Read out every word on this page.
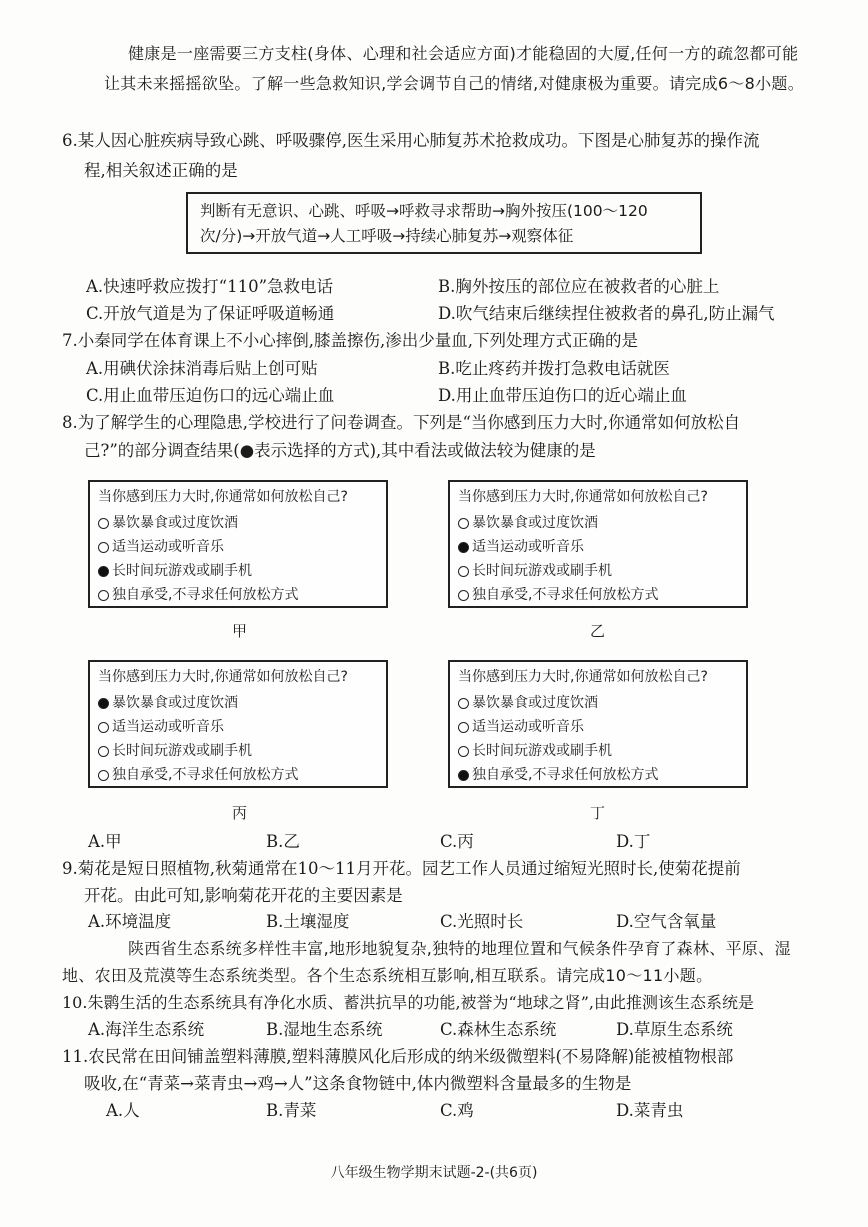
健康是一座需要三方支柱(身体、心理和社会适应方面)才能稳固的大厦,任何一方的疏忽都可能
让其未来摇摇欲坠。了解一些急救知识,学会调节自己的情绪,对健康极为重要。请完成6～8小题。
6.某人因心脏疾病导致心跳、呼吸骤停,医生采用心肺复苏术抢救成功。下图是心肺复苏的操作流
程,相关叙述正确的是
判断有无意识、心跳、呼吸→呼救寻求帮助→胸外按压(100～120
次/分)→开放气道→人工呼吸→持续心肺复苏→观察体征
A.快速呼救应拨打“110”急救电话	B.胸外按压的部位应在被救者的心脏上
C.开放气道是为了保证呼吸道畅通	D.吹气结束后继续捏住被救者的鼻孔,防止漏气
7.小秦同学在体育课上不小心摔倒,膝盖擦伤,渗出少量血,下列处理方式正确的是
A.用碘伏涂抹消毒后贴上创可贴	B.吃止疼药并拨打急救电话就医
C.用止血带压迫伤口的远心端止血	D.用止血带压迫伤口的近心端止血
8.为了解学生的心理隐患,学校进行了问卷调查。下列是“当你感到压力大时,你通常如何放松自
己?”的部分调查结果(●表示选择的方式),其中看法或做法较为健康的是
当你感到压力大时,你通常如何放松自己?
暴饮暴食或过度饮酒
适当运动或听音乐
长时间玩游戏或刷手机
独自承受,不寻求任何放松方式
甲
当你感到压力大时,你通常如何放松自己?
暴饮暴食或过度饮酒
适当运动或听音乐
长时间玩游戏或刷手机
独自承受,不寻求任何放松方式
乙
当你感到压力大时,你通常如何放松自己?
暴饮暴食或过度饮酒
适当运动或听音乐
长时间玩游戏或刷手机
独自承受,不寻求任何放松方式
丙
当你感到压力大时,你通常如何放松自己?
暴饮暴食或过度饮酒
适当运动或听音乐
长时间玩游戏或刷手机
独自承受,不寻求任何放松方式
丁
A.甲	B.乙	C.丙	D.丁
9.菊花是短日照植物,秋菊通常在10～11月开花。园艺工作人员通过缩短光照时长,使菊花提前
开花。由此可知,影响菊花开花的主要因素是
A.环境温度	B.土壤湿度	C.光照时长	D.空气含氧量
陕西省生态系统多样性丰富,地形地貌复杂,独特的地理位置和气候条件孕育了森林、平原、湿
地、农田及荒漠等生态系统类型。各个生态系统相互影响,相互联系。请完成10～11小题。
10.朱鹮生活的生态系统具有净化水质、蓄洪抗旱的功能,被誉为“地球之肾”,由此推测该生态系统是
A.海洋生态系统	B.湿地生态系统	C.森林生态系统	D.草原生态系统
11.农民常在田间铺盖塑料薄膜,塑料薄膜风化后形成的纳米级微塑料(不易降解)能被植物根部
吸收,在“青菜→菜青虫→鸡→人”这条食物链中,体内微塑料含量最多的生物是
A.人	B.青菜	C.鸡	D.菜青虫
八年级生物学期末试题-2-(共6页)
